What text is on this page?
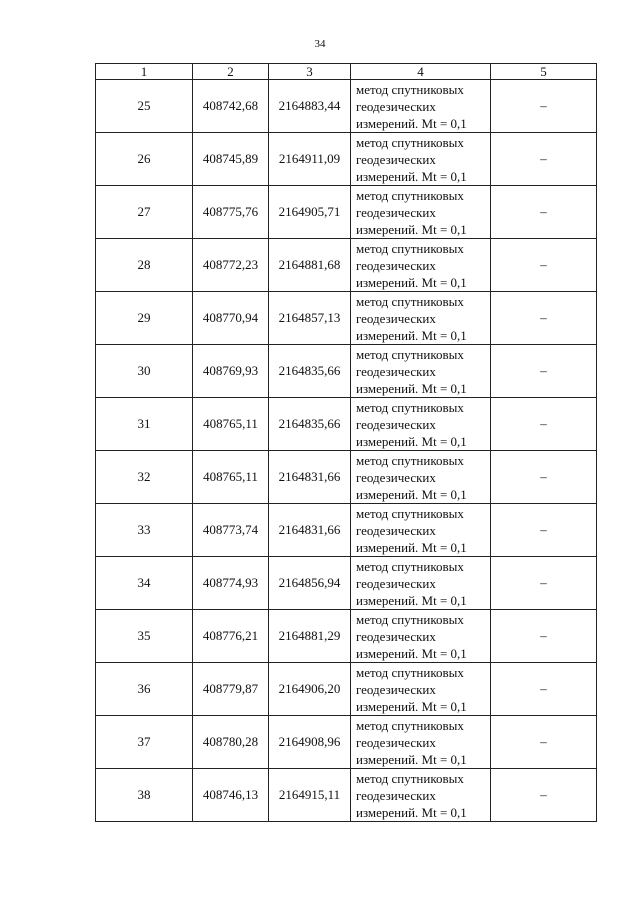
34
1	2	3	4	5
25	408742,68	2164883,44	метод спутниковых
геодезических
измерений. Mt = 0,1	–
26	408745,89	2164911,09	метод спутниковых
геодезических
измерений. Mt = 0,1	–
27	408775,76	2164905,71	метод спутниковых
геодезических
измерений. Mt = 0,1	–
28	408772,23	2164881,68	метод спутниковых
геодезических
измерений. Mt = 0,1	–
29	408770,94	2164857,13	метод спутниковых
геодезических
измерений. Mt = 0,1	–
30	408769,93	2164835,66	метод спутниковых
геодезических
измерений. Mt = 0,1	–
31	408765,11	2164835,66	метод спутниковых
геодезических
измерений. Mt = 0,1	–
32	408765,11	2164831,66	метод спутниковых
геодезических
измерений. Mt = 0,1	–
33	408773,74	2164831,66	метод спутниковых
геодезических
измерений. Mt = 0,1	–
34	408774,93	2164856,94	метод спутниковых
геодезических
измерений. Mt = 0,1	–
35	408776,21	2164881,29	метод спутниковых
геодезических
измерений. Mt = 0,1	–
36	408779,87	2164906,20	метод спутниковых
геодезических
измерений. Mt = 0,1	–
37	408780,28	2164908,96	метод спутниковых
геодезических
измерений. Mt = 0,1	–
38	408746,13	2164915,11	метод спутниковых
геодезических
измерений. Mt = 0,1	–
